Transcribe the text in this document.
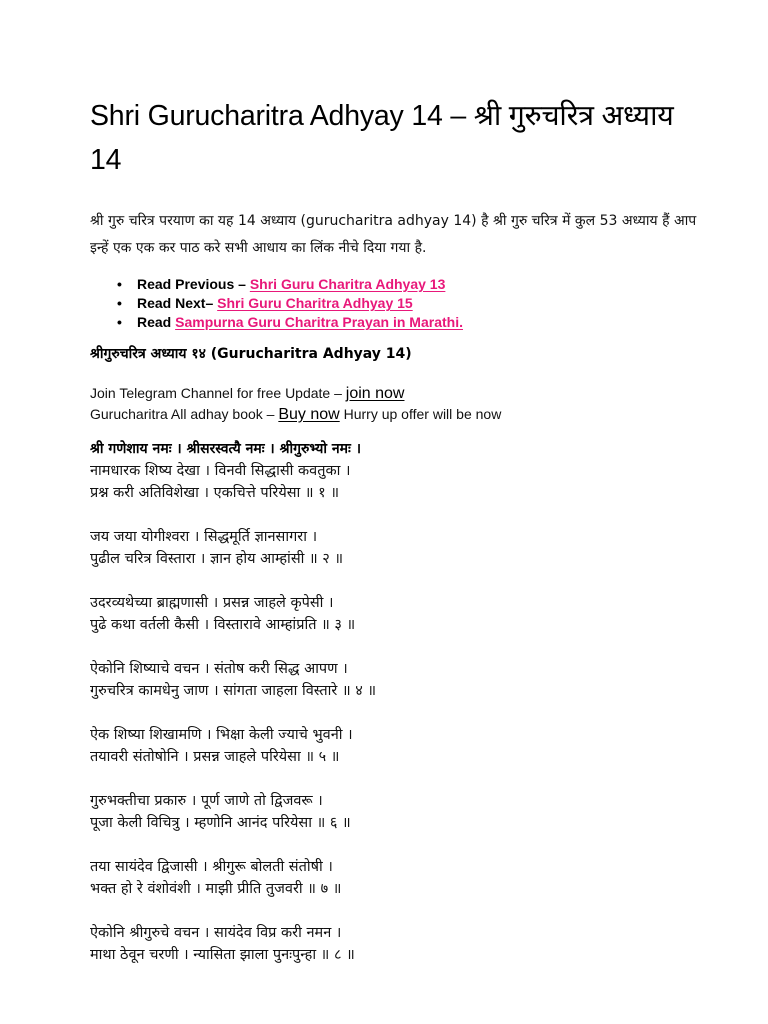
Shri Gurucharitra Adhyay 14 – श्री गुरुचरित्र अध्याय 14

श्री गुरु चरित्र परयाण का यह 14 अध्याय (gurucharitra adhyay 14) है श्री गुरु चरित्र में कुल 53 अध्याय हैं आप इन्हें एक एक कर पाठ करे सभी आधाय का लिंक नीचे दिया गया है.

• Read Previous – Shri Guru Charitra Adhyay 13
• Read Next– Shri Guru Charitra Adhyay 15
• Read Sampurna Guru Charitra Prayan in Marathi.

श्रीगुरुचरित्र अध्याय १४ (Gurucharitra Adhyay 14)

Join Telegram Channel for free Update – join now
Gurucharitra All adhay book – Buy now Hurry up offer will be now

श्री गणेशाय नमः । श्रीसरस्वत्यै नमः । श्रीगुरुभ्यो नमः ।

नामधारक शिष्य देखा । विनवी सिद्धासी कवतुका ।
प्रश्न करी अतिविशेखा । एकचित्ते परियेसा ॥ १ ॥

जय जया योगीश्वरा । सिद्धमूर्ति ज्ञानसागरा ।
पुढील चरित्र विस्तारा । ज्ञान होय आम्हांसी ॥ २ ॥

उदरव्यथेच्या ब्राह्मणासी । प्रसन्न जाहले कृपेसी ।
पुढे कथा वर्तली कैसी । विस्तारावे आम्हांप्रति ॥ ३ ॥

ऐकोनि शिष्याचे वचन । संतोष करी सिद्ध आपण ।
गुरुचरित्र कामधेनु जाण । सांगता जाहला विस्तारे ॥ ४ ॥

ऐक शिष्या शिखामणि । भिक्षा केली ज्याचे भुवनी ।
तयावरी संतोषोनि । प्रसन्न जाहले परियेसा ॥ ५ ॥

गुरुभक्तीचा प्रकारु । पूर्ण जाणे तो द्विजवरू ।
पूजा केली विचित्रु । म्हणोनि आनंद परियेसा ॥ ६ ॥

तया सायंदेव द्विजासी । श्रीगुरू बोलती संतोषी ।
भक्त हो रे वंशोवंशी । माझी प्रीति तुजवरी ॥ ७ ॥

ऐकोनि श्रीगुरुचे वचन । सायंदेव विप्र करी नमन ।
माथा ठेवून चरणी । न्यासिता झाला पुनःपुन्हा ॥ ८ ॥
